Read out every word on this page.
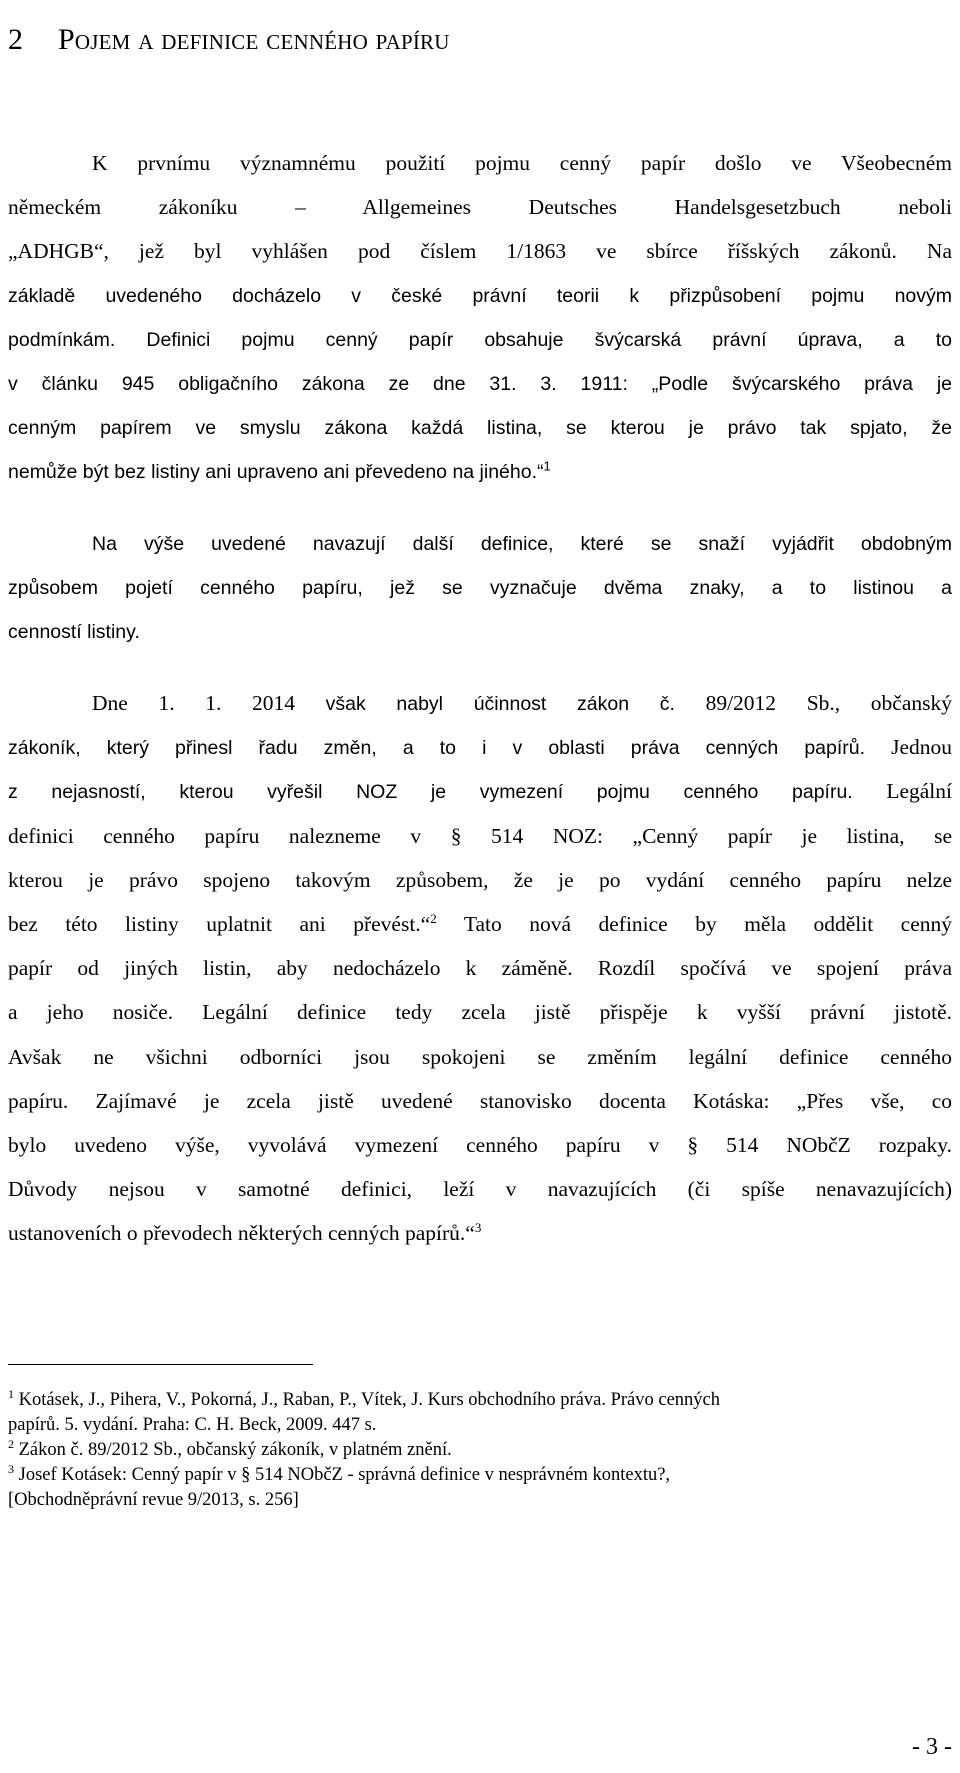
2 Pojem a definice cenného papíru
K prvnímu významnému použití pojmu cenný papír došlo ve Všeobecném
německém zákoníku – Allgemeines Deutsches Handelsgesetzbuch neboli
„ADHGB“, jež byl vyhlášen pod číslem 1/1863 ve sbírce říšských zákonů. Na
základě uvedeného docházelo v české právní teorii k přizpůsobení pojmu novým
podmínkám. Definici pojmu cenný papír obsahuje švýcarská právní úprava, a to
v článku 945 obligačního zákona ze dne 31. 3. 1911: „Podle švýcarského práva je
cenným papírem ve smyslu zákona každá listina, se kterou je právo tak spjato, že
nemůže být bez listiny ani upraveno ani převedeno na jiného.“$^1$
Na výše uvedené navazují další definice, které se snaží vyjádřit obdobným
způsobem pojetí cenného papíru, jež se vyznačuje dvěma znaky, a to listinou a
cenností listiny.
Dne 1. 1. 2014 však nabyl účinnost zákon č. 89/2012 Sb., občanský
zákoník, který přinesl řadu změn, a to i v oblasti práva cenných papírů. Jednou
z nejasností, kterou vyřešil NOZ je vymezení pojmu cenného papíru. Legální
definici cenného papíru nalezneme v § 514 NOZ: „Cenný papír je listina, se
kterou je právo spojeno takovým způsobem, že je po vydání cenného papíru nelze
bez této listiny uplatnit ani převést.“$^2$ Tato nová definice by měla oddělit cenný
papír od jiných listin, aby nedocházelo k záměně. Rozdíl spočívá ve spojení práva
a jeho nosiče. Legální definice tedy zcela jistě přispěje k vyšší právní jistotě.
Avšak ne všichni odborníci jsou spokojeni se změním legální definice cenného
papíru. Zajímavé je zcela jistě uvedené stanovisko docenta Kotáska: „Přes vše, co
bylo uvedeno výše, vyvolává vymezení cenného papíru v § 514 NObčZ rozpaky.
Důvody nejsou v samotné definici, leží v navazujících (či spíše nenavazujících)
ustanoveních o převodech některých cenných papírů.“$^3$
$^1$ Kotásek, J., Pihera, V., Pokorná, J., Raban, P., Vítek, J. Kurs obchodního práva. Právo cenných
papírů. 5. vydání. Praha: C. H. Beck, 2009. 447 s.
$^2$ Zákon č. 89/2012 Sb., občanský zákoník, v platném znění.
$^3$ Josef Kotásek: Cenný papír v § 514 NObčZ - správná definice v nesprávném kontextu?,
[Obchodněprávní revue 9/2013, s. 256]
- 3 -
